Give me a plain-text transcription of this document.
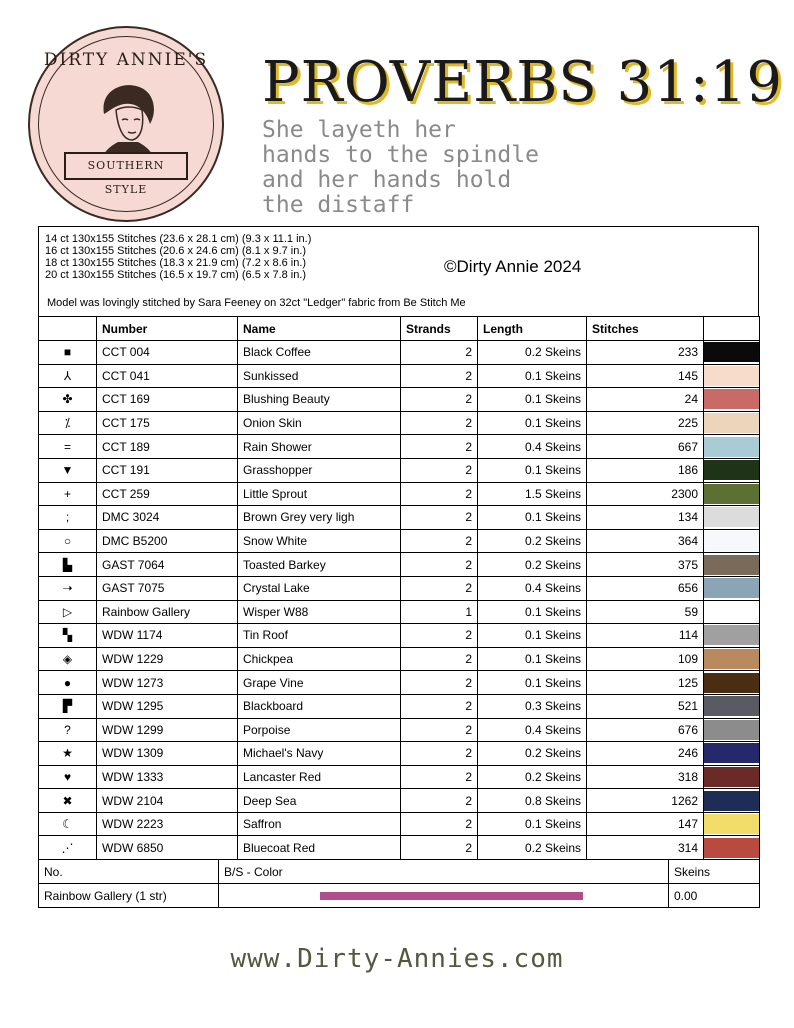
DIRTY ANNIE'S
SOUTHERN STYLE
PROVERBS 31:19
She layeth her
hands to the spindle
and her hands hold
the distaff
14 ct 130x155 Stitches (23.6 x 28.1 cm) (9.3 x 11.1 in.)
16 ct 130x155 Stitches (20.6 x 24.6 cm) (8.1 x 9.7 in.)
18 ct 130x155 Stitches (18.3 x 21.9 cm) (7.2 x 8.6 in.)
20 ct 130x155 Stitches (16.5 x 19.7 cm) (6.5 x 7.8 in.)	©Dirty Annie 2024
Model was lovingly stitched by Sara Feeney on 32ct "Ledger" fabric from Be Stitch Me
	Number	Name	Strands	Length	Stitches	
■	CCT 004	Black Coffee	2	0.2 Skeins	233	

⅄	CCT 041	Sunkissed	2	0.1 Skeins	145	

✤	CCT 169	Blushing Beauty	2	0.1 Skeins	24	

⁒	CCT 175	Onion Skin	2	0.1 Skeins	225	

=	CCT 189	Rain Shower	2	0.4 Skeins	667	

▼	CCT 191	Grasshopper	2	0.1 Skeins	186	

+	CCT 259	Little Sprout	2	1.5 Skeins	2300	

;	DMC 3024	Brown Grey very ligh	2	0.1 Skeins	134	

○	DMC B5200	Snow White	2	0.2 Skeins	364	

▙	GAST 7064	Toasted Barkey	2	0.2 Skeins	375	

➝	GAST 7075	Crystal Lake	2	0.4 Skeins	656	

▷	Rainbow Gallery	Wisper W88	1	0.1 Skeins	59	

▚	WDW 1174	Tin Roof	2	0.1 Skeins	114	

◈	WDW 1229	Chickpea	2	0.1 Skeins	109	

●	WDW 1273	Grape Vine	2	0.1 Skeins	125	

▛	WDW 1295	Blackboard	2	0.3 Skeins	521	

?	WDW 1299	Porpoise	2	0.4 Skeins	676	

★	WDW 1309	Michael's Navy	2	0.2 Skeins	246	

♥	WDW 1333	Lancaster Red	2	0.2 Skeins	318	

✖	WDW 2104	Deep Sea	2	0.8 Skeins	1262	

☾	WDW 2223	Saffron	2	0.1 Skeins	147	

⋰	WDW 6850	Bluecoat Red	2	0.2 Skeins	314	
No.	B/S - Color	Skeins
Rainbow Gallery (1 str)		0.00
www.Dirty-Annies.com
